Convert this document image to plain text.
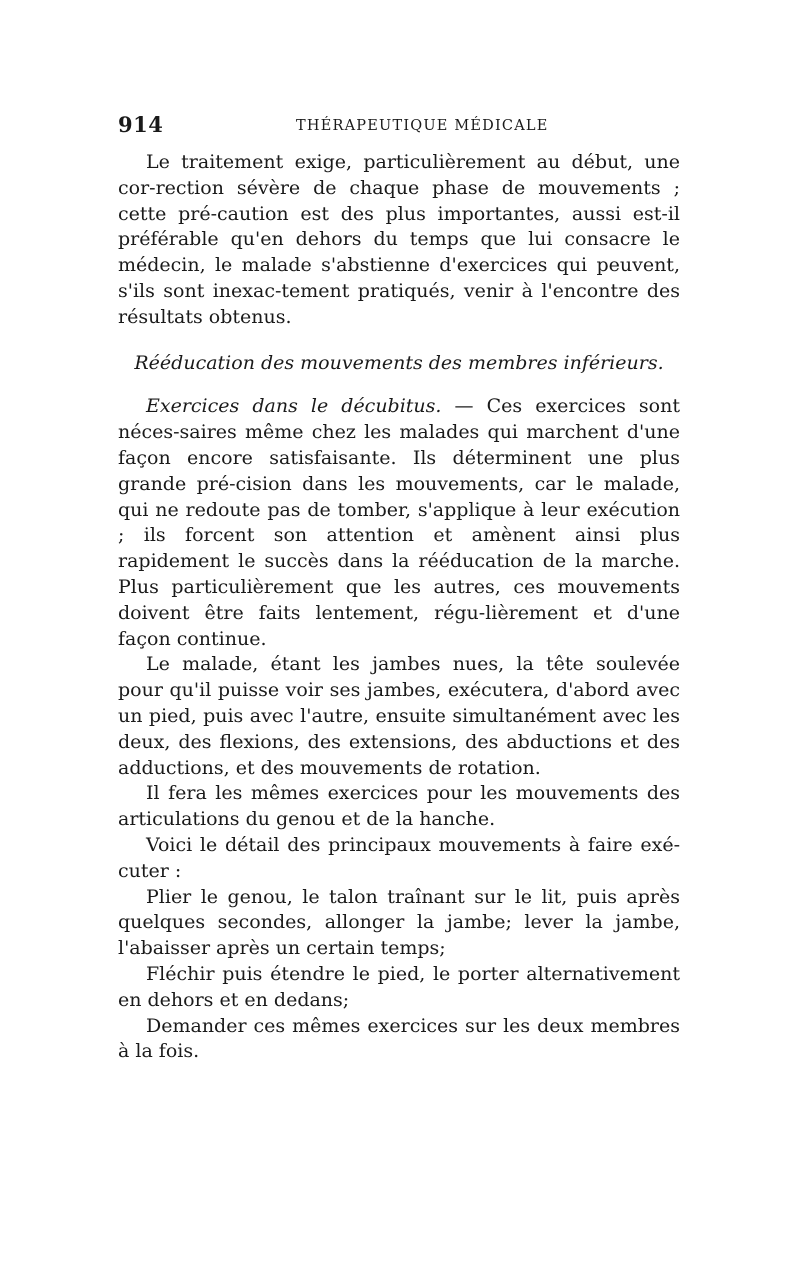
914	THÉRAPEUTIQUE MÉDICALE

Le traitement exige, particulièrement au début, une cor-rection sévère de chaque phase de mouvements ; cette pré-caution est des plus importantes, aussi est-il préférable qu'en dehors du temps que lui consacre le médecin, le malade s'abstienne d'exercices qui peuvent, s'ils sont inexac-tement pratiqués, venir à l'encontre des résultats obtenus.

Rééducation des mouvements des membres inférieurs.

Exercices dans le décubitus. — Ces exercices sont néces-saires même chez les malades qui marchent d'une façon encore satisfaisante. Ils déterminent une plus grande pré-cision dans les mouvements, car le malade, qui ne redoute pas de tomber, s'applique à leur exécution ; ils forcent son attention et amènent ainsi plus rapidement le succès dans la rééducation de la marche. Plus particulièrement que les autres, ces mouvements doivent être faits lentement, régu-lièrement et d'une façon continue.

Le malade, étant les jambes nues, la tête soulevée pour qu'il puisse voir ses jambes, exécutera, d'abord avec un pied, puis avec l'autre, ensuite simultanément avec les deux, des flexions, des extensions, des abductions et des adductions, et des mouvements de rotation.

Il fera les mêmes exercices pour les mouvements des articulations du genou et de la hanche.

Voici le détail des principaux mouvements à faire exé-cuter :

Plier le genou, le talon traînant sur le lit, puis après quelques secondes, allonger la jambe; lever la jambe, l'abaisser après un certain temps;

Fléchir puis étendre le pied, le porter alternativement en dehors et en dedans;

Demander ces mêmes exercices sur les deux membres à la fois.
